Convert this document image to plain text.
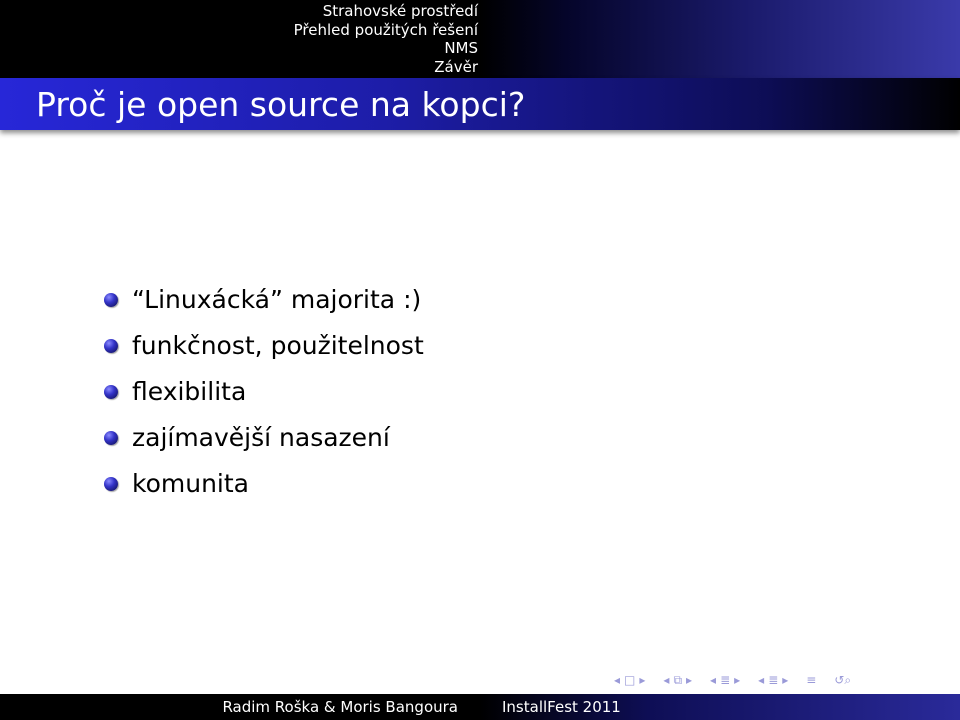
Strahovské prostředí
Přehled použitých řešení
NMS
Závěr
Proč je open source na kopci?
“Linuxácká” majorita :)
funkčnost, použitelnost
flexibilita
zajímavější nasazení
komunita
◂ □ ▸ ◂ ⧉ ▸ ◂ ≣ ▸ ◂ ≣ ▸ ≡ ↺⌕
Radim Roška & Moris Bangoura	InstallFest 2011
